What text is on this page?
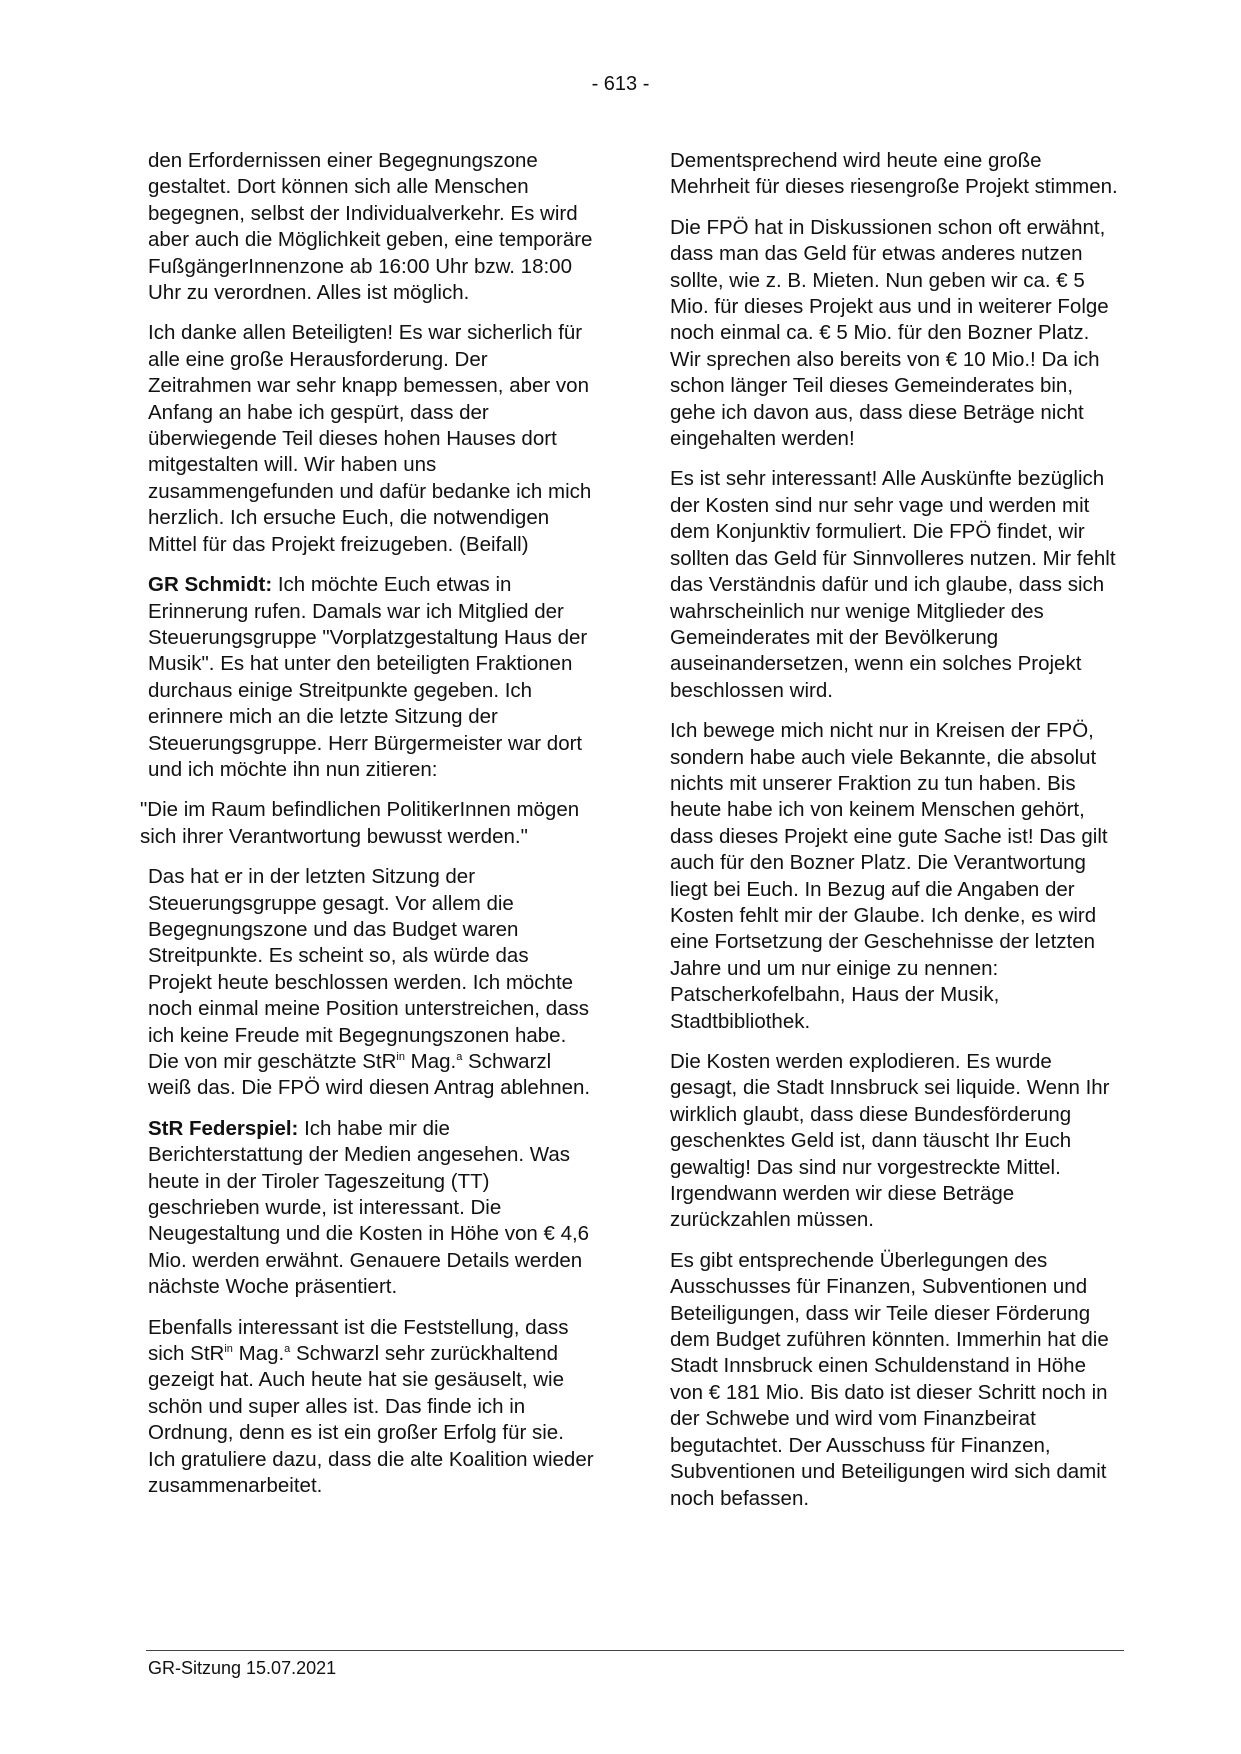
- 613 -

den Erfordernissen einer Begegnungszone gestaltet. Dort können sich alle Menschen begegnen, selbst der Individualverkehr. Es wird aber auch die Möglichkeit geben, eine temporäre FußgängerInnenzone ab 16:00 Uhr bzw. 18:00 Uhr zu verordnen. Alles ist möglich.

Ich danke allen Beteiligten! Es war sicherlich für alle eine große Herausforderung. Der Zeitrahmen war sehr knapp bemessen, aber von Anfang an habe ich gespürt, dass der überwiegende Teil dieses hohen Hauses dort mitgestalten will. Wir haben uns zusammengefunden und dafür bedanke ich mich herzlich. Ich ersuche Euch, die notwendigen Mittel für das Projekt freizugeben. (Beifall)

GR Schmidt: Ich möchte Euch etwas in Erinnerung rufen. Damals war ich Mitglied der Steuerungsgruppe "Vorplatzgestaltung Haus der Musik". Es hat unter den beteiligten Fraktionen durchaus einige Streitpunkte gegeben. Ich erinnere mich an die letzte Sitzung der Steuerungsgruppe. Herr Bürgermeister war dort und ich möchte ihn nun zitieren:

"Die im Raum befindlichen PolitikerInnen mögen sich ihrer Verantwortung bewusst werden."

Das hat er in der letzten Sitzung der Steuerungsgruppe gesagt. Vor allem die Begegnungszone und das Budget waren Streitpunkte. Es scheint so, als würde das Projekt heute beschlossen werden. Ich möchte noch einmal meine Position unterstreichen, dass ich keine Freude mit Begegnungszonen habe. Die von mir geschätzte StR$^{in}$ Mag.$^a$ Schwarzl weiß das. Die FPÖ wird diesen Antrag ablehnen.

StR Federspiel: Ich habe mir die Berichterstattung der Medien angesehen. Was heute in der Tiroler Tageszeitung (TT) geschrieben wurde, ist interessant. Die Neugestaltung und die Kosten in Höhe von € 4,6 Mio. werden erwähnt. Genauere Details werden nächste Woche präsentiert.

Ebenfalls interessant ist die Feststellung, dass sich StR$^{in}$ Mag.$^a$ Schwarzl sehr zurückhaltend gezeigt hat. Auch heute hat sie gesäuselt, wie schön und super alles ist. Das finde ich in Ordnung, denn es ist ein großer Erfolg für sie. Ich gratuliere dazu, dass die alte Koalition wieder zusammenarbeitet.

Dementsprechend wird heute eine große Mehrheit für dieses riesengroße Projekt stimmen.

Die FPÖ hat in Diskussionen schon oft erwähnt, dass man das Geld für etwas anderes nutzen sollte, wie z. B. Mieten. Nun geben wir ca. € 5 Mio. für dieses Projekt aus und in weiterer Folge noch einmal ca. € 5 Mio. für den Bozner Platz. Wir sprechen also bereits von € 10 Mio.! Da ich schon länger Teil dieses Gemeinderates bin, gehe ich davon aus, dass diese Beträge nicht eingehalten werden!

Es ist sehr interessant! Alle Auskünfte bezüglich der Kosten sind nur sehr vage und werden mit dem Konjunktiv formuliert. Die FPÖ findet, wir sollten das Geld für Sinnvolleres nutzen. Mir fehlt das Verständnis dafür und ich glaube, dass sich wahrscheinlich nur wenige Mitglieder des Gemeinderates mit der Bevölkerung auseinandersetzen, wenn ein solches Projekt beschlossen wird.

Ich bewege mich nicht nur in Kreisen der FPÖ, sondern habe auch viele Bekannte, die absolut nichts mit unserer Fraktion zu tun haben. Bis heute habe ich von keinem Menschen gehört, dass dieses Projekt eine gute Sache ist! Das gilt auch für den Bozner Platz. Die Verantwortung liegt bei Euch. In Bezug auf die Angaben der Kosten fehlt mir der Glaube. Ich denke, es wird eine Fortsetzung der Geschehnisse der letzten Jahre und um nur einige zu nennen: Patscherkofelbahn, Haus der Musik, Stadtbibliothek.

Die Kosten werden explodieren. Es wurde gesagt, die Stadt Innsbruck sei liquide. Wenn Ihr wirklich glaubt, dass diese Bundesförderung geschenktes Geld ist, dann täuscht Ihr Euch gewaltig! Das sind nur vorgestreckte Mittel. Irgendwann werden wir diese Beträge zurückzahlen müssen.

Es gibt entsprechende Überlegungen des Ausschusses für Finanzen, Subventionen und Beteiligungen, dass wir Teile dieser Förderung dem Budget zuführen könnten. Immerhin hat die Stadt Innsbruck einen Schuldenstand in Höhe von € 181 Mio. Bis dato ist dieser Schritt noch in der Schwebe und wird vom Finanzbeirat begutachtet. Der Ausschuss für Finanzen, Subventionen und Beteiligungen wird sich damit noch befassen.

GR-Sitzung 15.07.2021
